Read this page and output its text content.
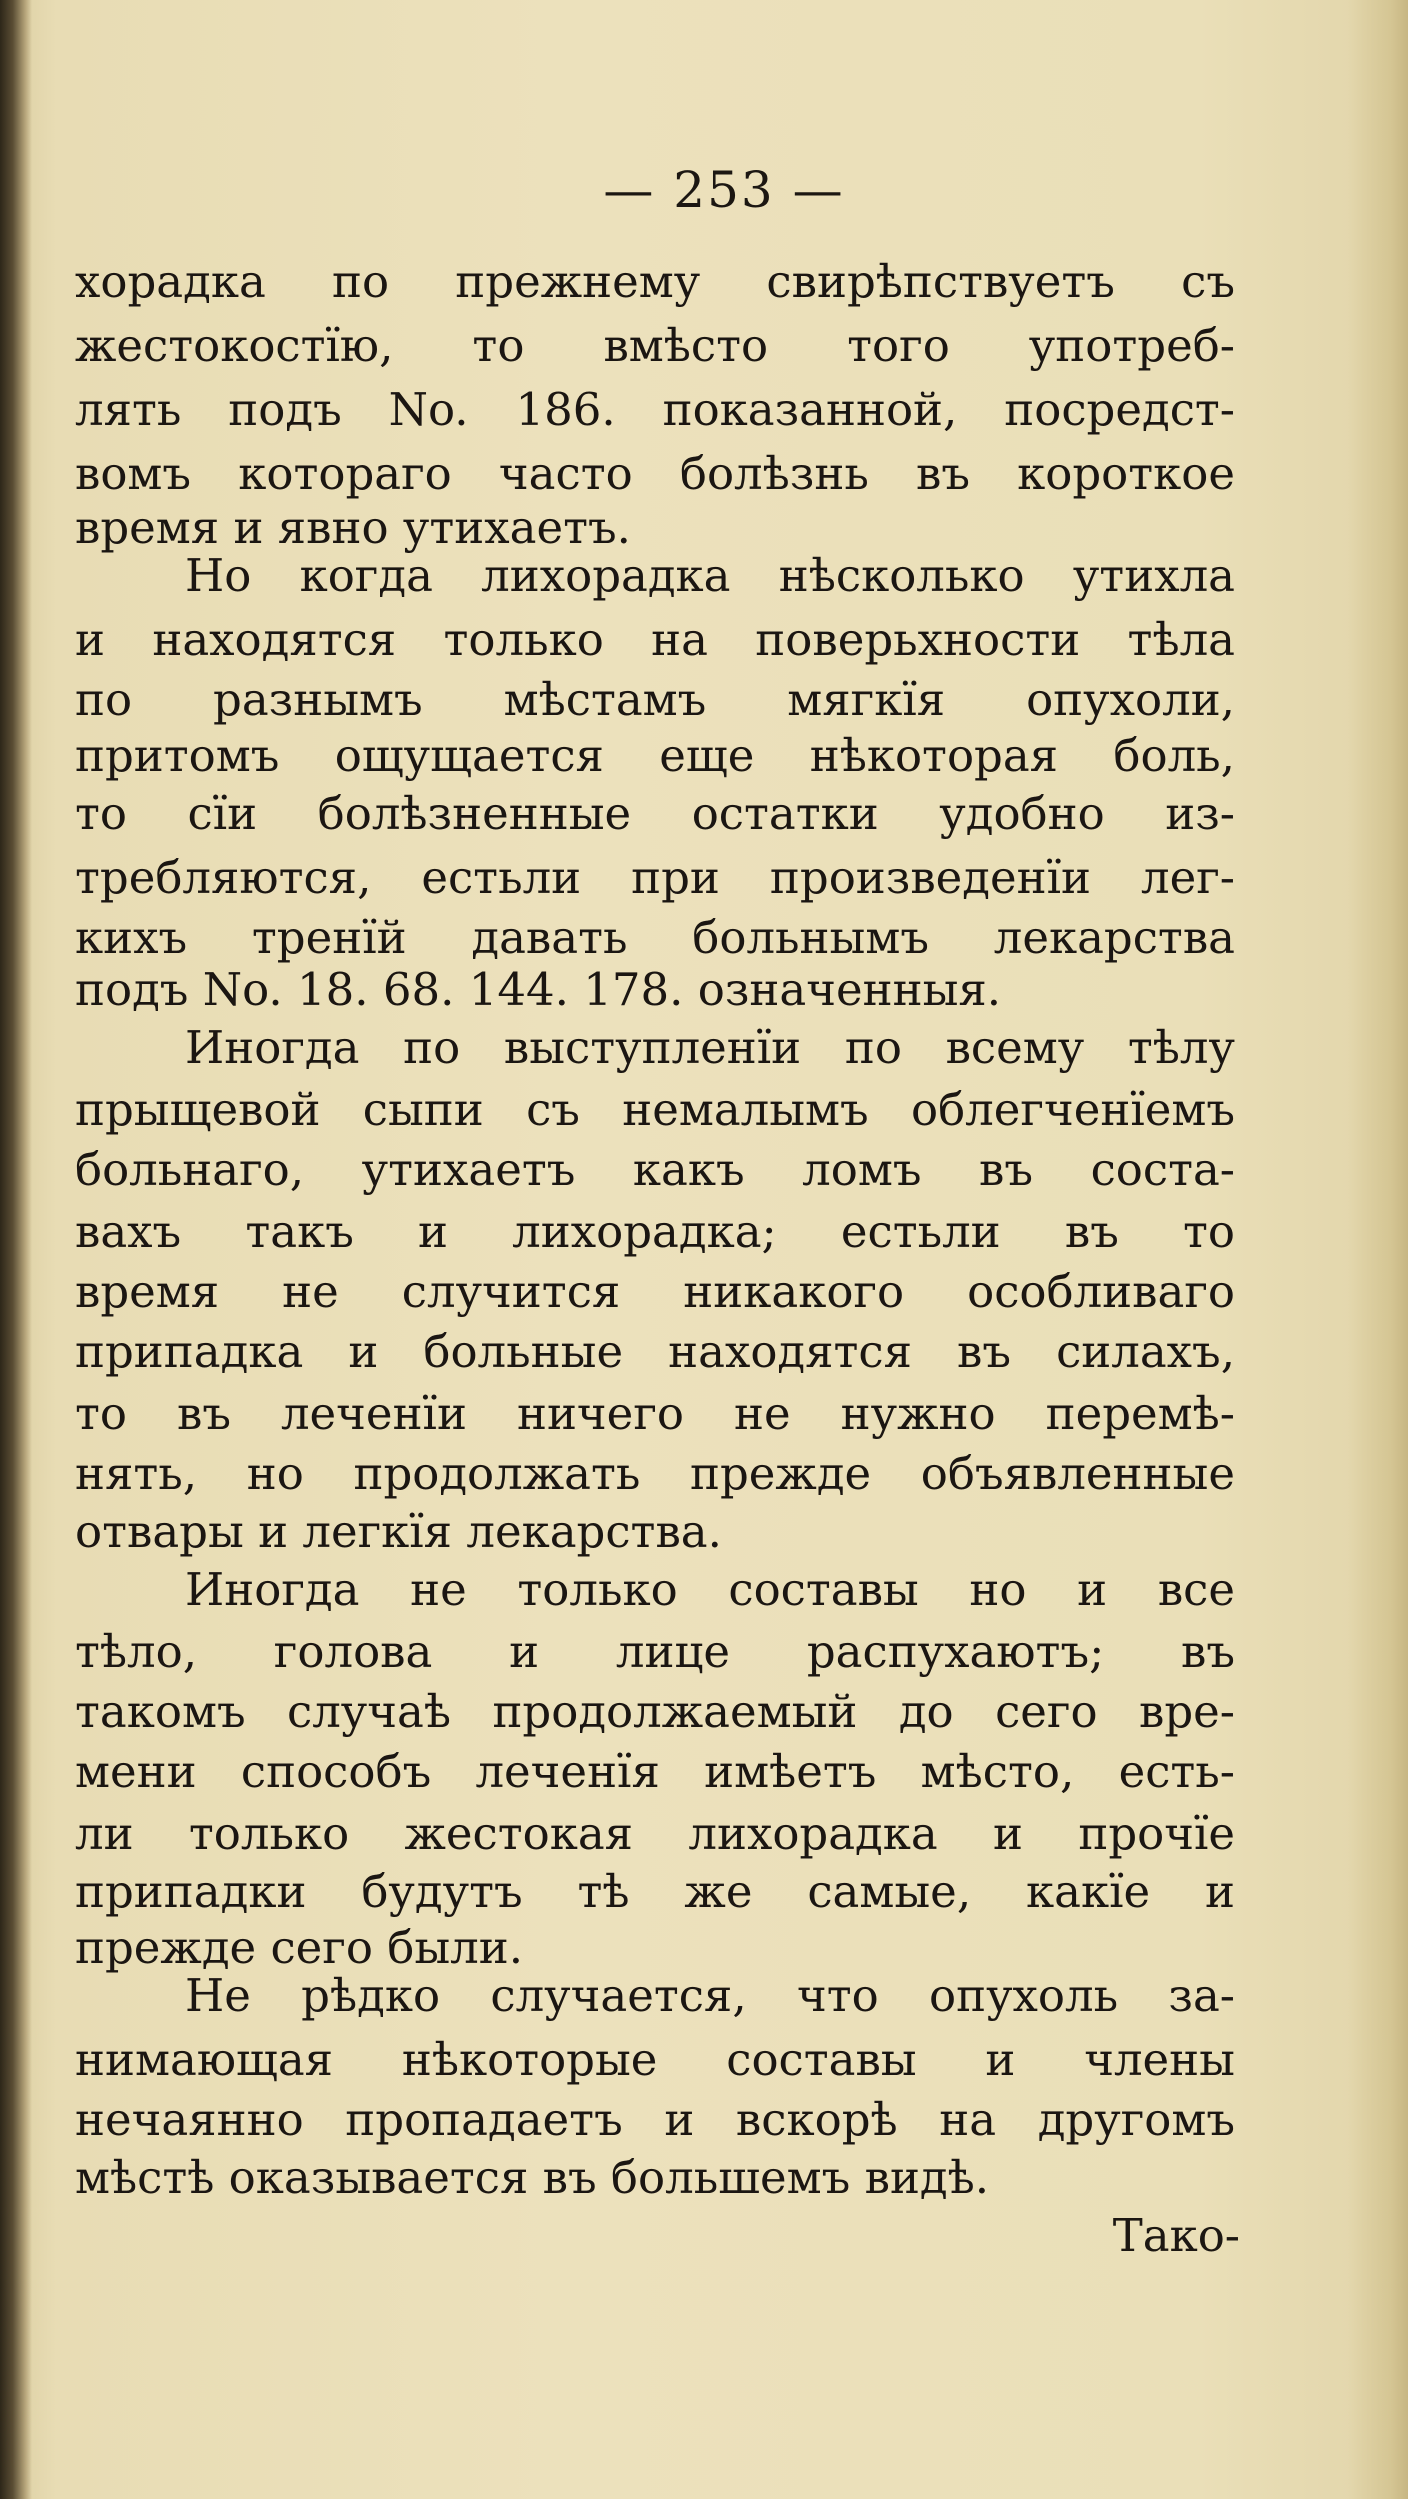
— 253 —
хорадка по прежнему свирѣпствуетъ съ
жестокостїю, то вмѣсто того употреб-
лять подъ No. 186. показанной, посредст-
вомъ котораго часто болѣзнь въ короткое
время и явно утихаетъ.
Но когда лихорадка нѣсколько утихла
и находятся только на поверьхности тѣла
по разнымъ мѣстамъ мягкїя опухоли,
притомъ ощущается еще нѣкоторая боль,
то сїи болѣзненные остатки удобно из-
требляются, естьли при произведенїи лег-
кихъ тренїй давать больнымъ лекарства
подъ No. 18. 68. 144. 178. означенныя.
Иногда по выступленїи по всему тѣлу
прыщевой сыпи съ немалымъ облегченїемъ
больнаго, утихаетъ какъ ломъ въ состa-
вахъ такъ и лихорадка; естьли въ то
время не случится никакого особливаго
припадка и больные находятся въ силахъ,
то въ леченїи ничего не нужно перемѣ-
нять, но продолжать прежде объявленные
отвары и легкїя лекарства.
Иногда не только составы но и все
тѣло, голова и лице распухаютъ; въ
такомъ случаѣ продолжаемый до сего вре-
мени способъ леченїя имѣетъ мѣсто, есть-
ли только жестокая лихорадка и прочїе
припадки будутъ тѣ же самые, какїе и
прежде сего были.
Не рѣдко случается, что опухоль за-
нимающая нѣкоторые составы и члены
нечаянно пропадаетъ и вскорѣ на другомъ
мѣстѣ оказывается въ большемъ видѣ.
Тако-
